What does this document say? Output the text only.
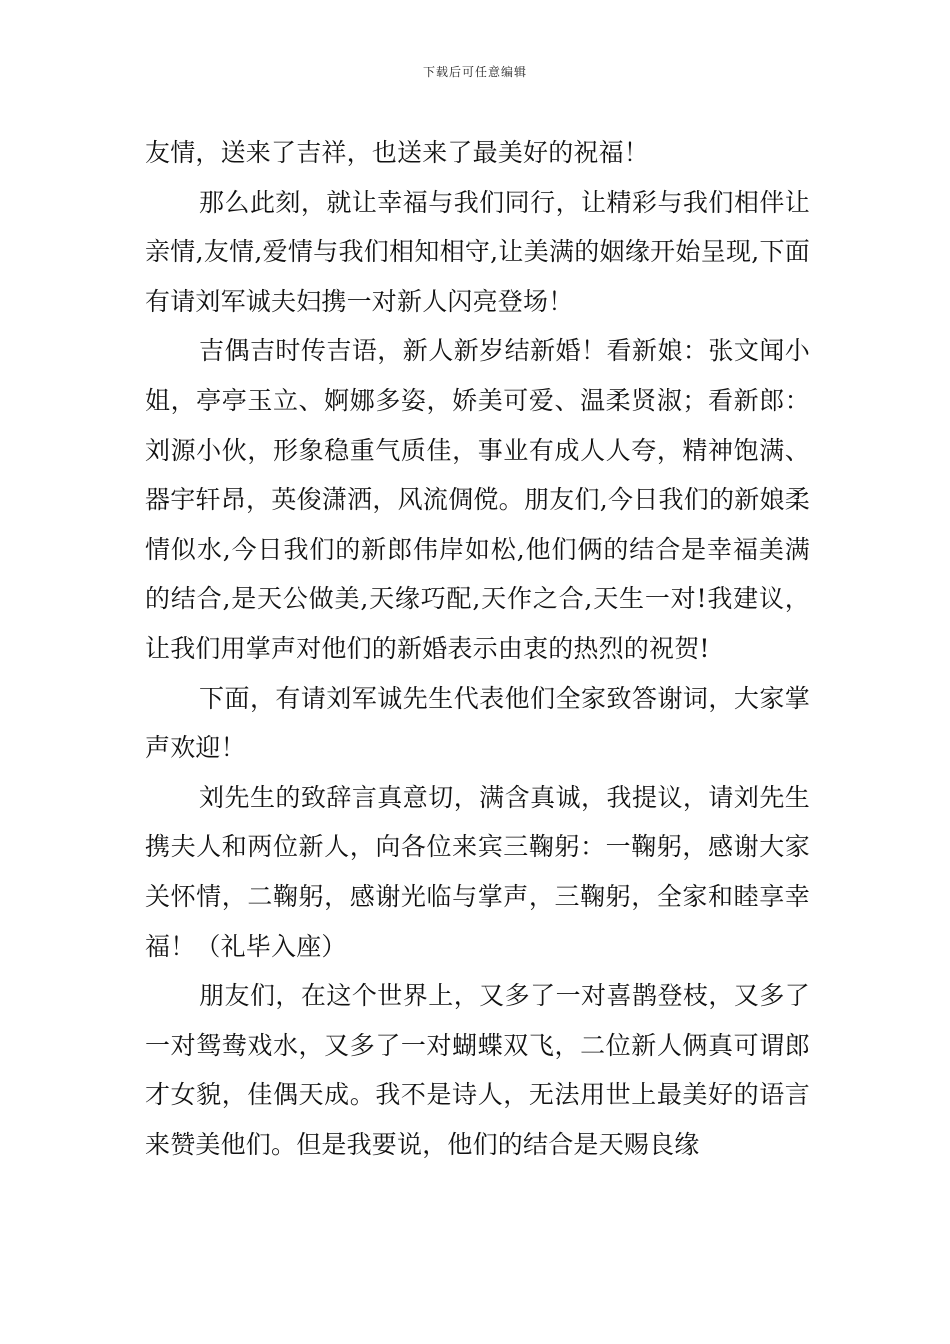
下载后可任意编辑

友情，送来了吉祥，也送来了最美好的祝福！

那么此刻，就让幸福与我们同行，让精彩与我们相伴让亲情,友情,爱情与我们相知相守,让美满的姻缘开始呈现,下面有请刘军诚夫妇携一对新人闪亮登场！

吉偶吉时传吉语，新人新岁结新婚！看新娘：张文闻小姐，亭亭玉立、婀娜多姿，娇美可爱、温柔贤淑；看新郎：刘源小伙，形象稳重气质佳，事业有成人人夸，精神饱满、器宇轩昂，英俊潇洒，风流倜傥。朋友们,今日我们的新娘柔情似水,今日我们的新郎伟岸如松,他们俩的结合是幸福美满的结合,是天公做美,天缘巧配,天作之合,天生一对!我建议，让我们用掌声对他们的新婚表示由衷的热烈的祝贺!

下面，有请刘军诚先生代表他们全家致答谢词，大家掌声欢迎！

刘先生的致辞言真意切，满含真诚，我提议，请刘先生携夫人和两位新人，向各位来宾三鞠躬：一鞠躬，感谢大家关怀情，二鞠躬，感谢光临与掌声，三鞠躬，全家和睦享幸福！（礼毕入座）

朋友们，在这个世界上，又多了一对喜鹊登枝，又多了一对鸳鸯戏水，又多了一对蝴蝶双飞，二位新人俩真可谓郎才女貌，佳偶天成。我不是诗人，无法用世上最美好的语言来赞美他们。但是我要说，他们的结合是天赐良缘
